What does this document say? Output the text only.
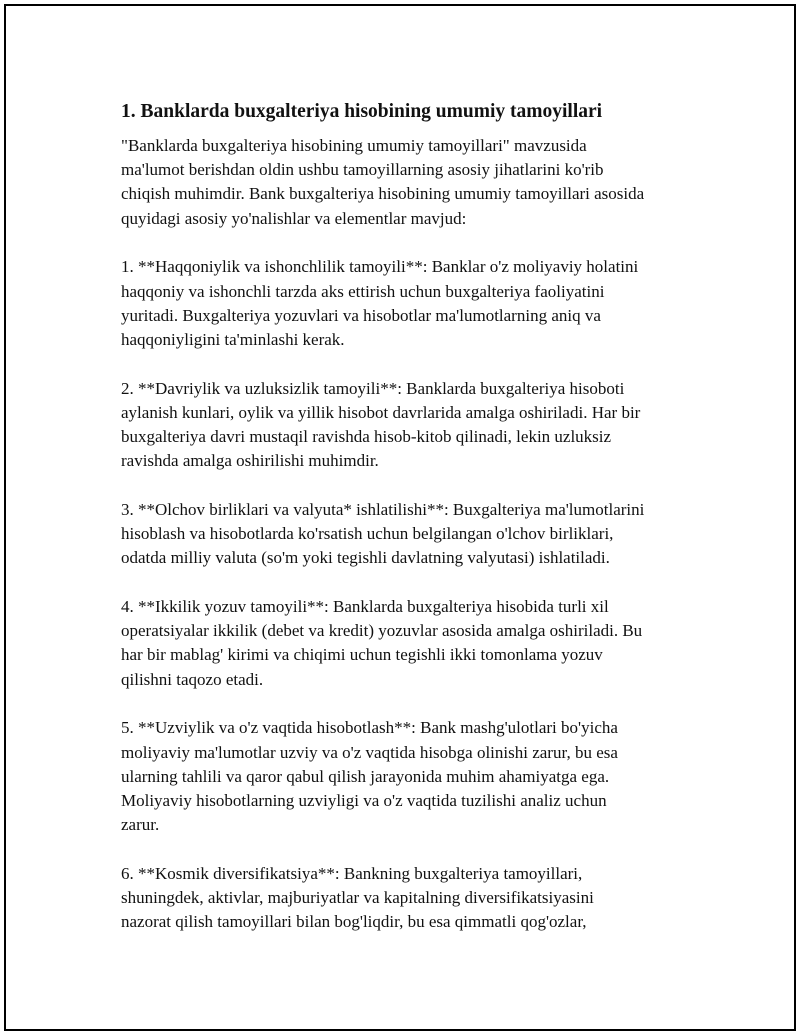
1. Banklarda buxgalteriya hisobining umumiy tamoyillari

"Banklarda buxgalteriya hisobining umumiy tamoyillari" mavzusida
ma'lumot berishdan oldin ushbu tamoyillarning asosiy jihatlarini ko'rib
chiqish muhimdir. Bank buxgalteriya hisobining umumiy tamoyillari asosida
quyidagi asosiy yo'nalishlar va elementlar mavjud:

1. **Haqqoniylik va ishonchlilik tamoyili**: Banklar o'z moliyaviy holatini
haqqoniy va ishonchli tarzda aks ettirish uchun buxgalteriya faoliyatini
yuritadi. Buxgalteriya yozuvlari va hisobotlar ma'lumotlarning aniq va
haqqoniyligini ta'minlashi kerak.

2. **Davriylik va uzluksizlik tamoyili**: Banklarda buxgalteriya hisoboti
aylanish kunlari, oylik va yillik hisobot davrlarida amalga oshiriladi. Har bir
buxgalteriya davri mustaqil ravishda hisob-kitob qilinadi, lekin uzluksiz
ravishda amalga oshirilishi muhimdir.

3. **Olchov birliklari va valyuta* ishlatilishi**: Buxgalteriya ma'lumotlarini
hisoblash va hisobotlarda ko'rsatish uchun belgilangan o'lchov birliklari,
odatda milliy valuta (so'm yoki tegishli davlatning valyutasi) ishlatiladi.

4. **Ikkilik yozuv tamoyili**: Banklarda buxgalteriya hisobida turli xil
operatsiyalar ikkilik (debet va kredit) yozuvlar asosida amalga oshiriladi. Bu
har bir mablag' kirimi va chiqimi uchun tegishli ikki tomonlama yozuv
qilishni taqozo etadi.

5. **Uzviylik va o'z vaqtida hisobotlash**: Bank mashg'ulotlari bo'yicha
moliyaviy ma'lumotlar uzviy va o'z vaqtida hisobga olinishi zarur, bu esa
ularning tahlili va qaror qabul qilish jarayonida muhim ahamiyatga ega.
Moliyaviy hisobotlarning uzviyligi va o'z vaqtida tuzilishi analiz uchun
zarur.

6. **Kosmik diversifikatsiya**: Bankning buxgalteriya tamoyillari,
shuningdek, aktivlar, majburiyatlar va kapitalning diversifikatsiyasini
nazorat qilish tamoyillari bilan bog'liqdir, bu esa qimmatli qog'ozlar,
